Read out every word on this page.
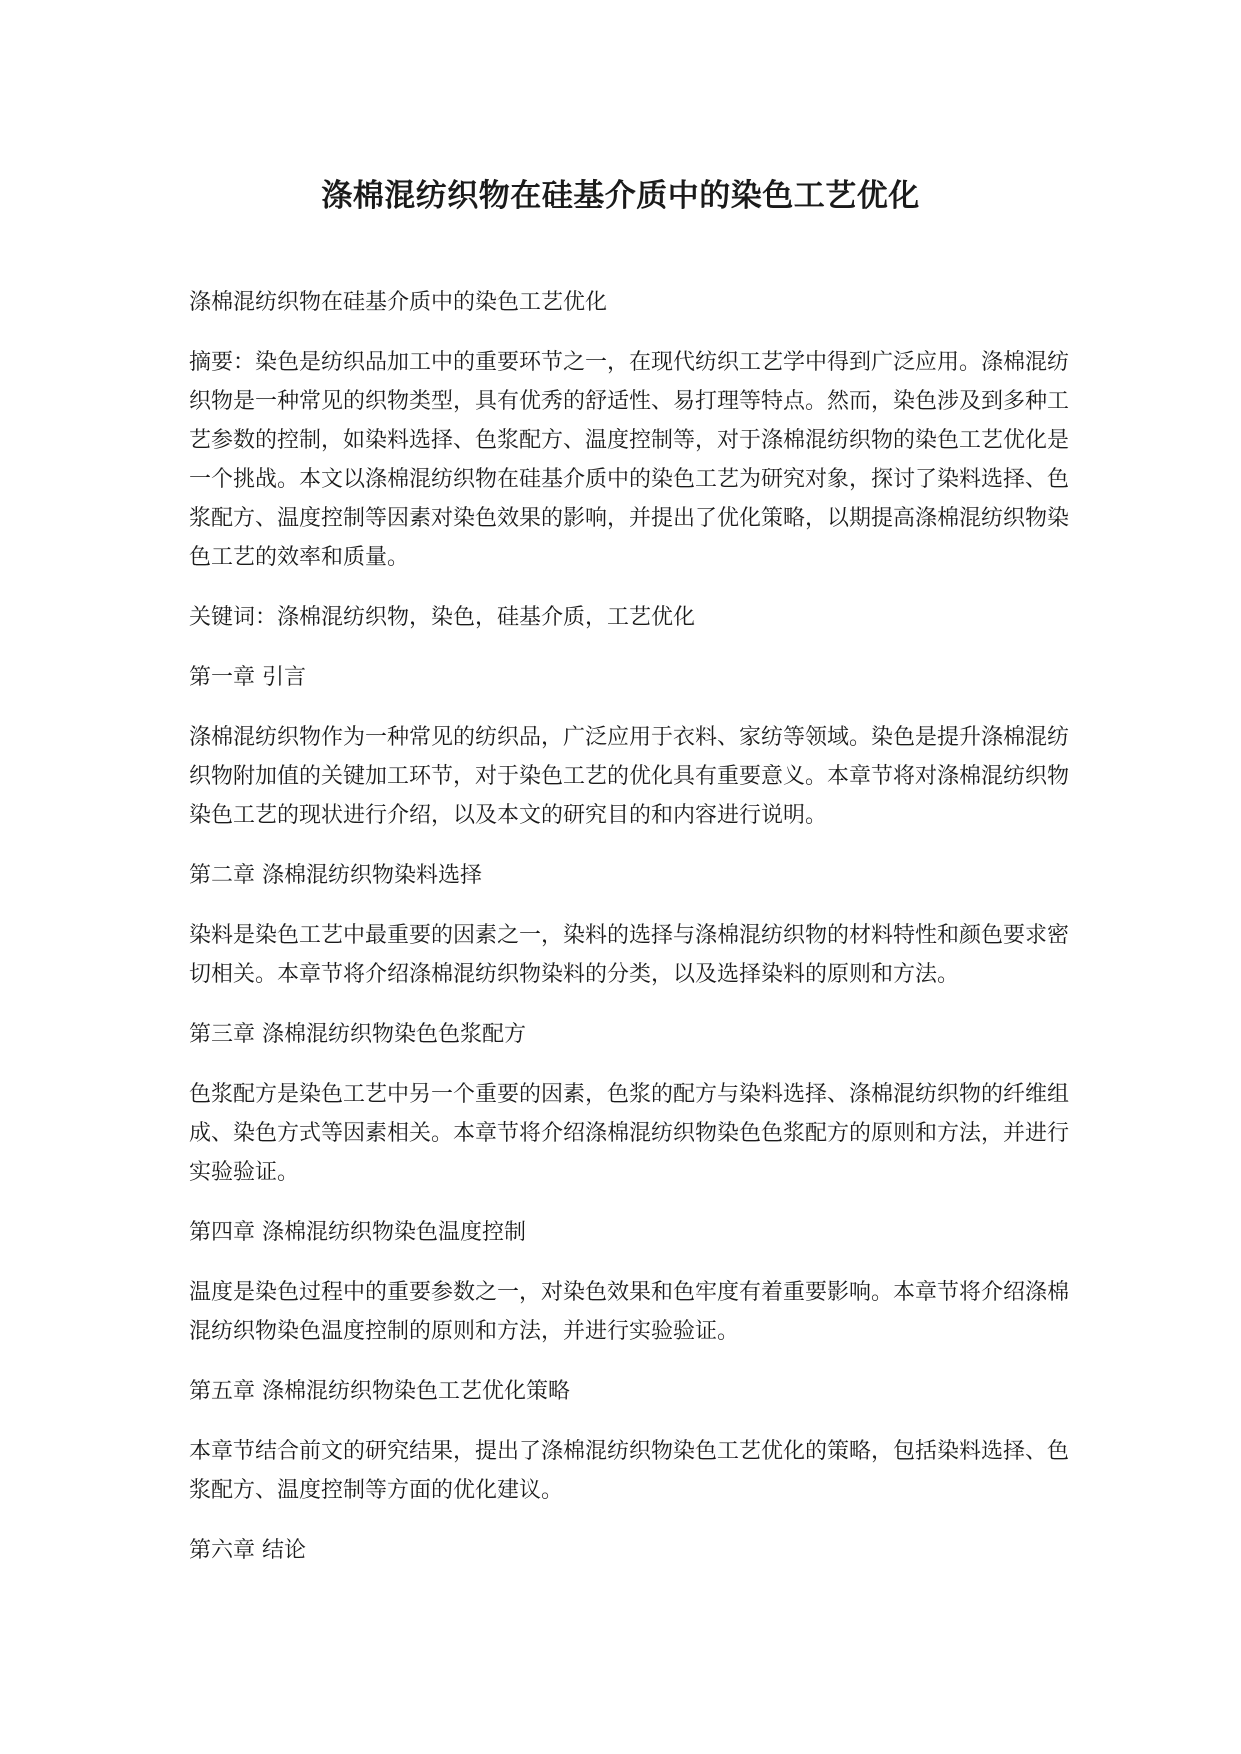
涤棉混纺织物在硅基介质中的染色工艺优化

涤棉混纺织物在硅基介质中的染色工艺优化

摘要：染色是纺织品加工中的重要环节之一，在现代纺织工艺学中得到广泛应用。涤棉混纺织物是一种常见的织物类型，具有优秀的舒适性、易打理等特点。然而，染色涉及到多种工艺参数的控制，如染料选择、色浆配方、温度控制等，对于涤棉混纺织物的染色工艺优化是一个挑战。本文以涤棉混纺织物在硅基介质中的染色工艺为研究对象，探讨了染料选择、色浆配方、温度控制等因素对染色效果的影响，并提出了优化策略，以期提高涤棉混纺织物染色工艺的效率和质量。

关键词：涤棉混纺织物，染色，硅基介质，工艺优化

第一章 引言

涤棉混纺织物作为一种常见的纺织品，广泛应用于衣料、家纺等领域。染色是提升涤棉混纺织物附加值的关键加工环节，对于染色工艺的优化具有重要意义。本章节将对涤棉混纺织物染色工艺的现状进行介绍，以及本文的研究目的和内容进行说明。

第二章 涤棉混纺织物染料选择

染料是染色工艺中最重要的因素之一，染料的选择与涤棉混纺织物的材料特性和颜色要求密切相关。本章节将介绍涤棉混纺织物染料的分类，以及选择染料的原则和方法。

第三章 涤棉混纺织物染色色浆配方

色浆配方是染色工艺中另一个重要的因素，色浆的配方与染料选择、涤棉混纺织物的纤维组成、染色方式等因素相关。本章节将介绍涤棉混纺织物染色色浆配方的原则和方法，并进行实验验证。

第四章 涤棉混纺织物染色温度控制

温度是染色过程中的重要参数之一，对染色效果和色牢度有着重要影响。本章节将介绍涤棉混纺织物染色温度控制的原则和方法，并进行实验验证。

第五章 涤棉混纺织物染色工艺优化策略

本章节结合前文的研究结果，提出了涤棉混纺织物染色工艺优化的策略，包括染料选择、色浆配方、温度控制等方面的优化建议。

第六章 结论
